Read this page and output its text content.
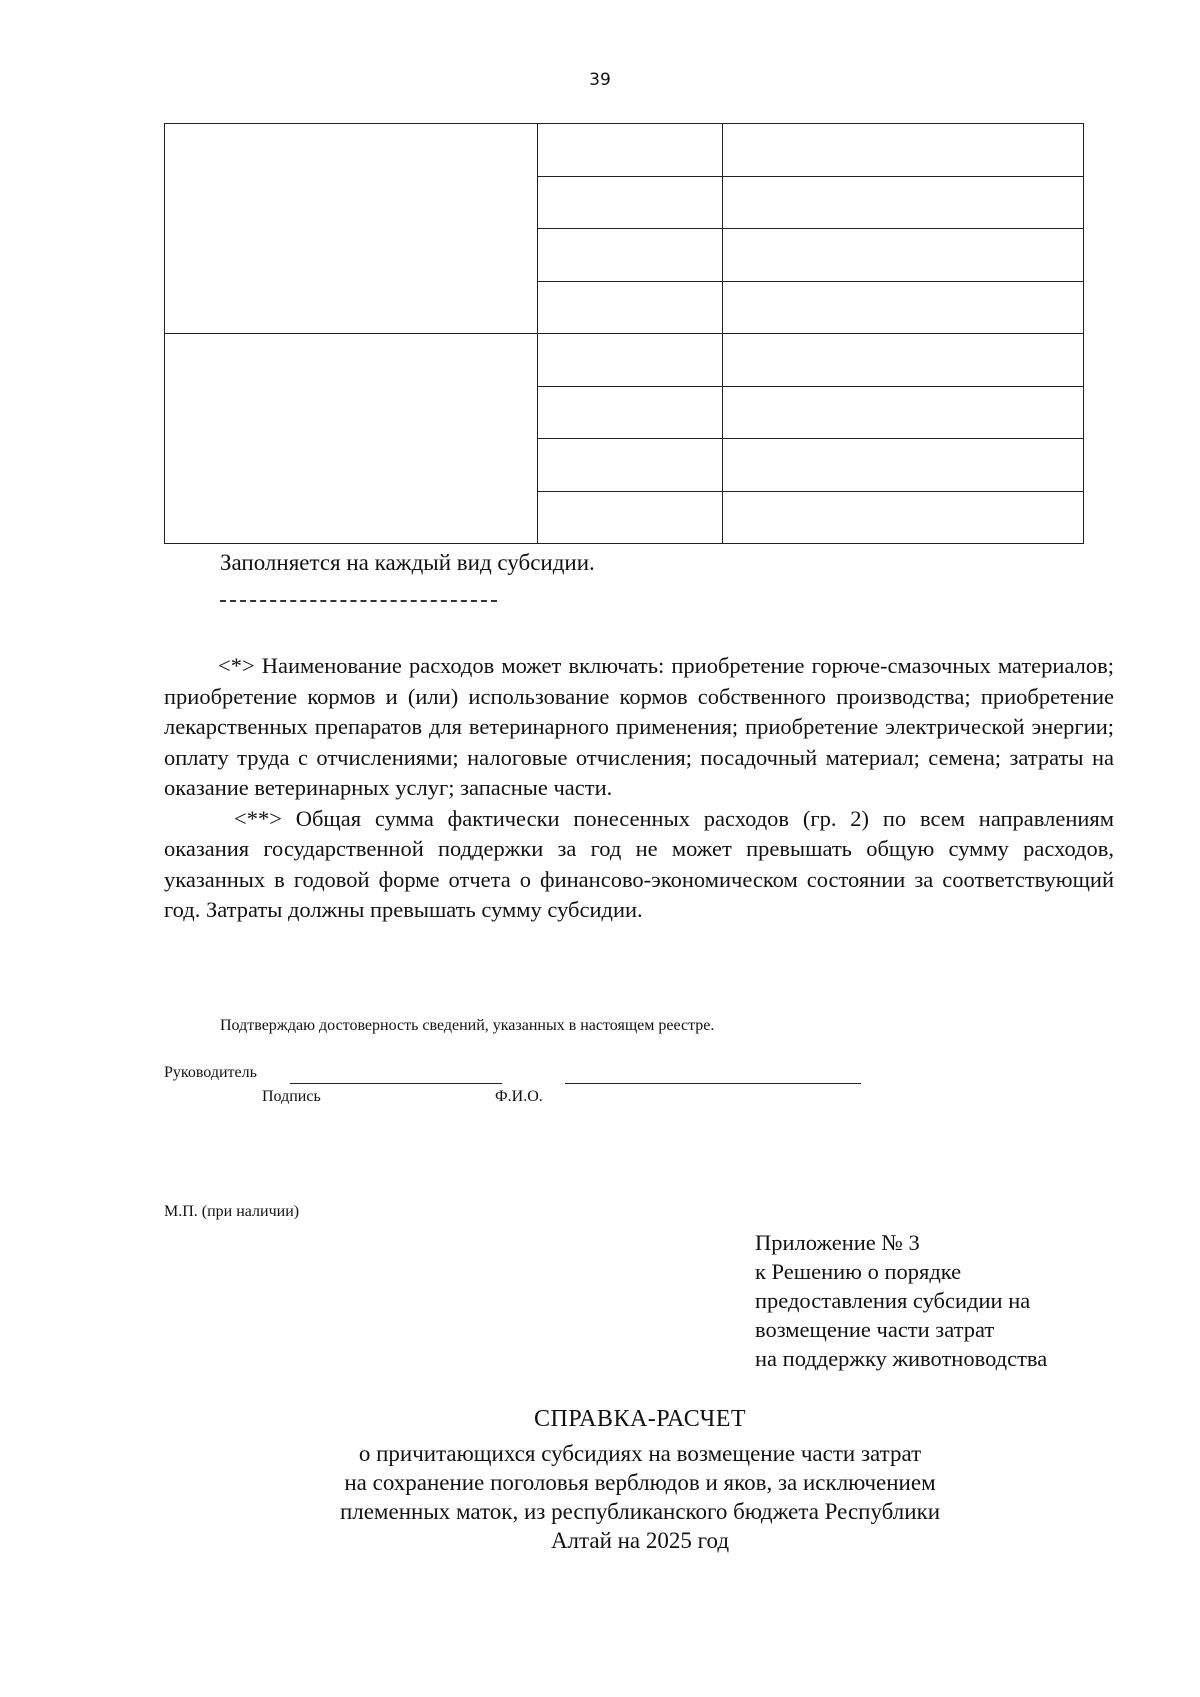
39

Заполняется на каждый вид субсидии.

<*> Наименование расходов может включать: приобретение горюче-смазочных материалов; приобретение кормов и (или) использование кормов собственного производства; приобретение лекарственных препаратов для ветеринарного применения; приобретение электрической энергии; оплату труда с отчислениями; налоговые отчисления; посадочный материал; семена; затраты на оказание ветеринарных услуг; запасные части.

<**> Общая сумма фактически понесенных расходов (гр. 2) по всем направлениям оказания государственной поддержки за год не может превышать общую сумму расходов, указанных в годовой форме отчета о финансово-экономическом состоянии за соответствующий год. Затраты должны превышать сумму субсидии.

Подтверждаю достоверность сведений, указанных в настоящем реестре.
Руководитель
Подпись	Ф.И.О.
М.П. (при наличии)
Приложение № 3
к Решению о порядке
предоставления субсидии на
возмещение части затрат
на поддержку животноводства
СПРАВКА-РАСЧЕТ
о причитающихся субсидиях на возмещение части затрат
на сохранение поголовья верблюдов и яков, за исключением
племенных маток, из республиканского бюджета Республики
Алтай на 2025 год
